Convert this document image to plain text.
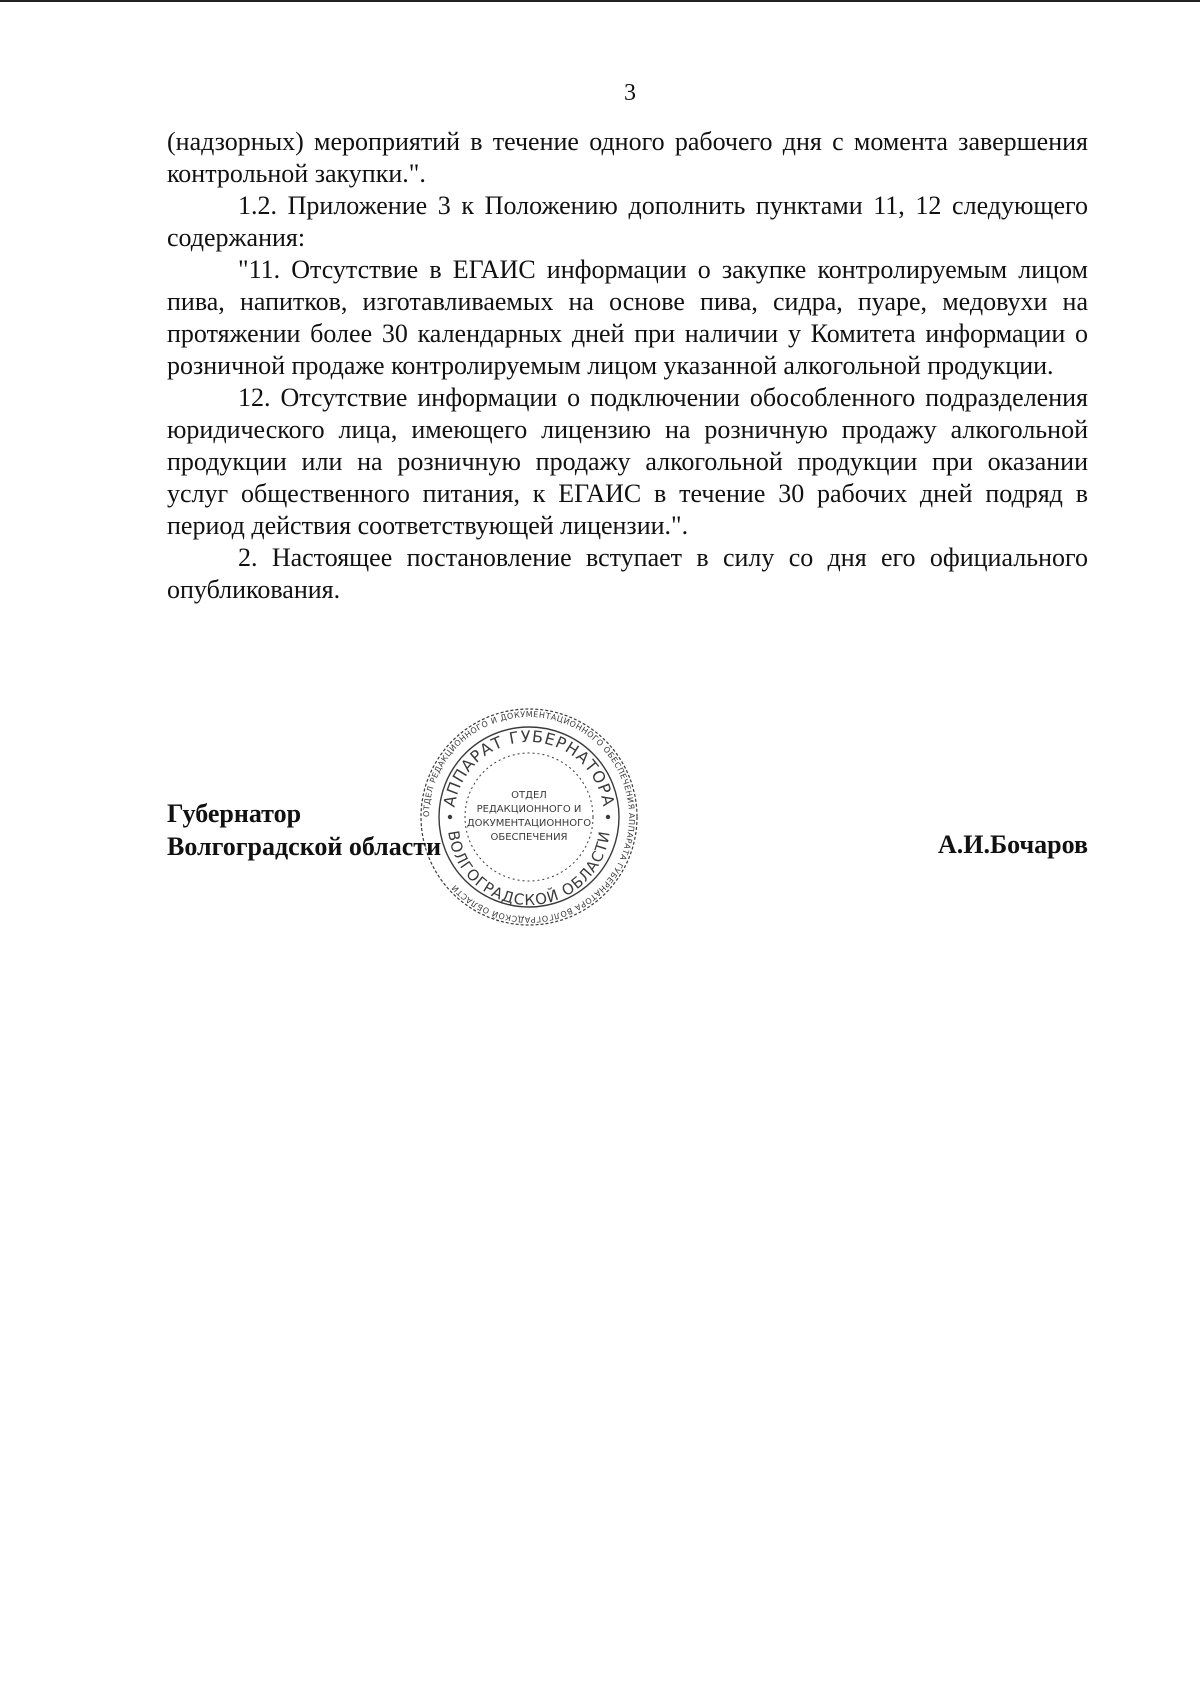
3

(надзорных) мероприятий в течение одного рабочего дня с момента завершения контрольной закупки.".

1.2. Приложение 3 к Положению дополнить пунктами 11, 12 следующего содержания:

"11. Отсутствие в ЕГАИС информации о закупке контролируемым лицом пива, напитков, изготавливаемых на основе пива, сидра, пуаре, медовухи на протяжении более 30 календарных дней при наличии у Комитета информации о розничной продаже контролируемым лицом указанной алкогольной продукции.

12. Отсутствие информации о подключении обособленного подразделения юридического лица, имеющего лицензию на розничную продажу алкогольной продукции или на розничную продажу алкогольной продукции при оказании услуг общественного питания, к ЕГАИС в течение 30 рабочих дней подряд в период действия соответствующей лицензии.".

2. Настоящее постановление вступает в силу со дня его официального опубликования.

ОТДЕЛ РЕДАКЦИОННОГО И ДОКУМЕНТАЦИОННОГО ОБЕСПЕЧЕНИЯ АППАРАТА ГУБЕРНАТОРА ВОЛГОГРАДСКОЙ ОБЛАСТИ
АППАРАТ ГУБЕРНАТОРА
ВОЛГОГРАДСКОЙ ОБЛАСТИ
ОТДЕЛ
РЕДАКЦИОННОГО И
ДОКУМЕНТАЦИОННОГО
ОБЕСПЕЧЕНИЯ
Губернатор
Волгоградской области	А.И.Бочаров
